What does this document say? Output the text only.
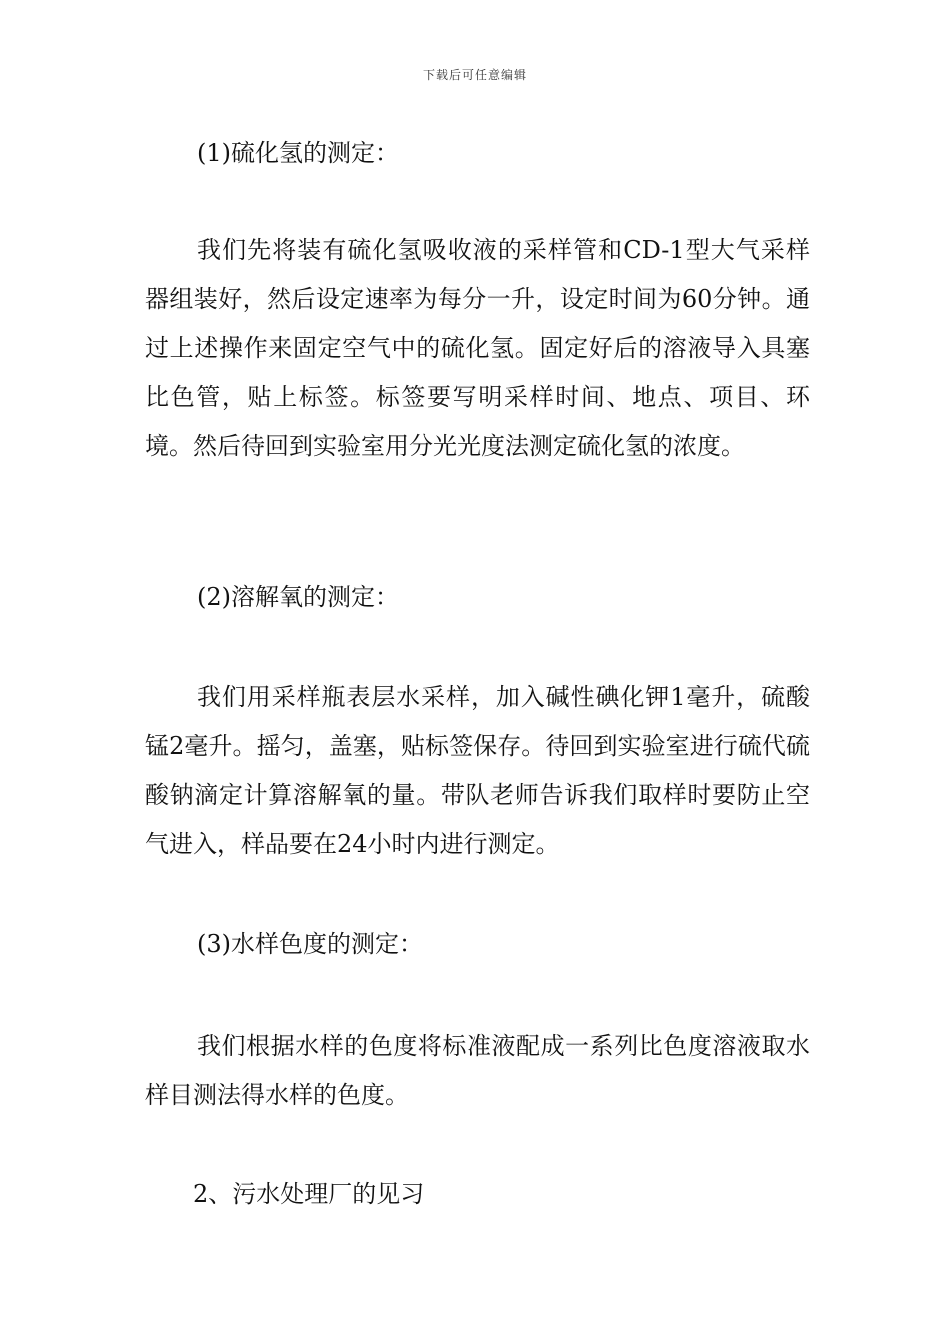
下载后可任意编辑

(1)硫化氢的测定：

我们先将装有硫化氢吸收液的采样管和CD-1型大气采样器组装好，然后设定速率为每分一升，设定时间为60分钟。通过上述操作来固定空气中的硫化氢。固定好后的溶液导入具塞比色管，贴上标签。标签要写明采样时间、地点、项目、环境。然后待回到实验室用分光光度法测定硫化氢的浓度。

(2)溶解氧的测定：

我们用采样瓶表层水采样，加入碱性碘化钾1毫升，硫酸锰2毫升。摇匀，盖塞，贴标签保存。待回到实验室进行硫代硫酸钠滴定计算溶解氧的量。带队老师告诉我们取样时要防止空气进入，样品要在24小时内进行测定。

(3)水样色度的测定：

我们根据水样的色度将标准液配成一系列比色度溶液取水样目测法得水样的色度。

2、污水处理厂的见习
